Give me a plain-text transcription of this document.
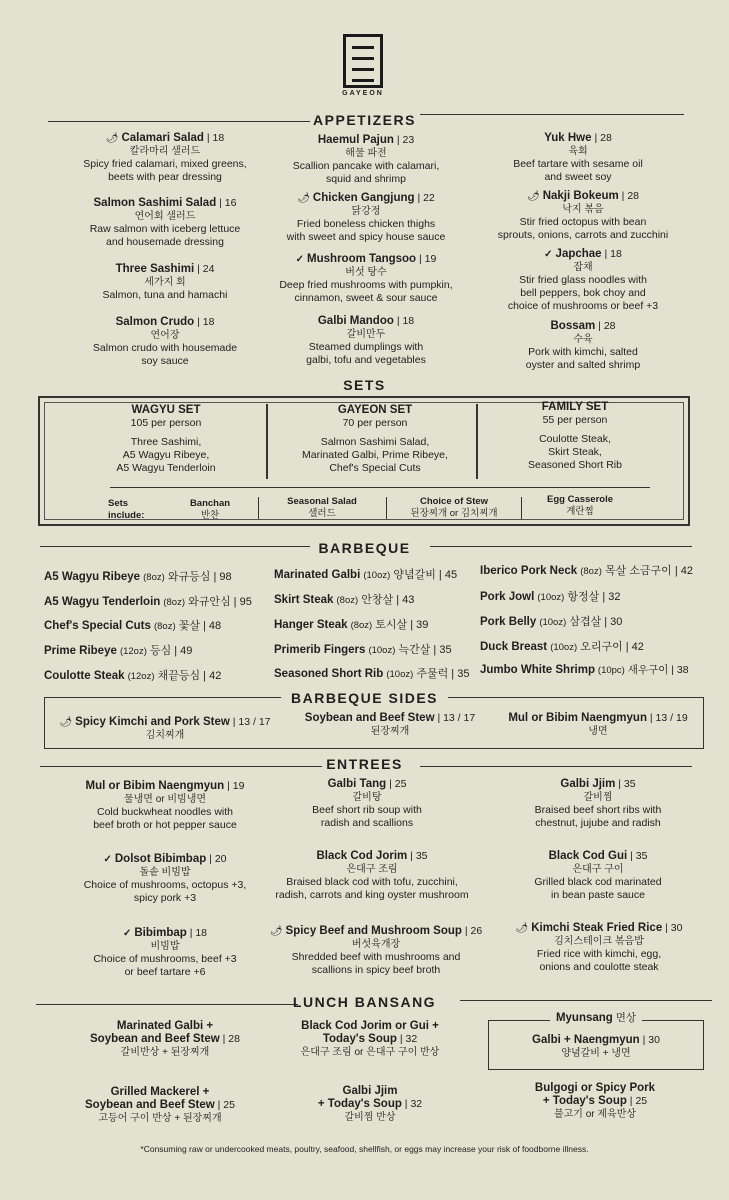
GAYEON
APPETIZERS
🌶 Calamari Salad | 18
칼라마리 샐러드
Spicy fried calamari, mixed greens,
beets with pear dressing
Salmon Sashimi Salad | 16
연어회 샐러드
Raw salmon with iceberg lettuce
and housemade dressing
Three Sashimi | 24
세가지 회
Salmon, tuna and hamachi
Salmon Crudo | 18
연어장
Salmon crudo with housemade
soy sauce
Haemul Pajun | 23
해물 파전
Scallion pancake with calamari,
squid and shrimp
🌶 Chicken Gangjung | 22
닭강정
Fried boneless chicken thighs
with sweet and spicy house sauce
✓ Mushroom Tangsoo | 19
버섯 탕수
Deep fried mushrooms with pumpkin,
cinnamon, sweet & sour sauce
Galbi Mandoo | 18
갈비만두
Steamed dumplings with
galbi, tofu and vegetables
Yuk Hwe | 28
육회
Beef tartare with sesame oil
and sweet soy
🌶 Nakji Bokeum | 28
낙지 볶음
Stir fried octopus with bean
sprouts, onions, carrots and zucchini
✓ Japchae | 18
잡채
Stir fried glass noodles with
bell peppers, bok choy and
choice of mushrooms or beef +3
Bossam | 28
수육
Pork with kimchi, salted
oyster and salted shrimp
SETS
WAGYU SET
105 per person
Three Sashimi,
A5 Wagyu Ribeye,
A5 Wagyu Tenderloin
GAYEON SET
70 per person
Salmon Sashimi Salad,
Marinated Galbi, Prime Ribeye,
Chef's Special Cuts
FAMILY SET
55 per person
Coulotte Steak,
Skirt Steak,
Seasoned Short Rib
Sets
include:
Banchan
반찬
Seasonal Salad
샐러드
Choice of Stew
된장찌개 or 김치찌개
Egg Casserole
계란찜
BARBEQUE
A5 Wagyu Ribeye (8oz) 와규등심 | 98
A5 Wagyu Tenderloin (8oz) 와규안심 | 95
Chef's Special Cuts (8oz) 꽃살 | 48
Prime Ribeye (12oz) 등심 | 49
Coulotte Steak (12oz) 채끝등심 | 42
Marinated Galbi (10oz) 양념갈비 | 45
Skirt Steak (8oz) 안창살 | 43
Hanger Steak (8oz) 토시살 | 39
Primerib Fingers (10oz) 늑간살 | 35
Seasoned Short Rib (10oz) 주물럭 | 35
Iberico Pork Neck (8oz) 목살 소금구이 | 42
Pork Jowl (10oz) 항정살 | 32
Pork Belly (10oz) 삼겹살 | 30
Duck Breast (10oz) 오리구이 | 42
Jumbo White Shrimp (10pc) 새우구이 | 38
BARBEQUE SIDES
🌶 Spicy Kimchi and Pork Stew | 13 / 17
김치찌개
Soybean and Beef Stew | 13 / 17
된장찌개
Mul or Bibim Naengmyun | 13 / 19
냉면
ENTREES
Mul or Bibim Naengmyun | 19
물냉면 or 비빔냉면
Cold buckwheat noodles with
beef broth or hot pepper sauce
✓ Dolsot Bibimbap | 20
돌솥 비빔밥
Choice of mushrooms, octopus +3,
spicy pork +3
✓ Bibimbap | 18
비빔밥
Choice of mushrooms, beef +3
or beef tartare +6
Galbi Tang | 25
갈비탕
Beef short rib soup with
radish and scallions
Black Cod Jorim | 35
은대구 조림
Braised black cod with tofu, zucchini,
radish, carrots and king oyster mushroom
🌶 Spicy Beef and Mushroom Soup | 26
버섯육개장
Shredded beef with mushrooms and
scallions in spicy beef broth
Galbi Jjim | 35
갈비찜
Braised beef short ribs with
chestnut, jujube and radish
Black Cod Gui | 35
은대구 구이
Grilled black cod marinated
in bean paste sauce
🌶 Kimchi Steak Fried Rice | 30
김치스테이크 볶음밥
Fried rice with kimchi, egg,
onions and coulotte steak
LUNCH BANSANG
Marinated Galbi +
Soybean and Beef Stew | 28
갈비반상 + 된장찌개
Grilled Mackerel +
Soybean and Beef Stew | 25
고등어 구이 반상 + 된장찌개
Black Cod Jorim or Gui +
Today's Soup | 32
은대구 조림 or 은대구 구이 반상
Galbi Jjim
+ Today's Soup | 32
갈비찜 반상
Bulgogi or Spicy Pork
+ Today's Soup | 25
불고기 or 제육반상
Myunsang 면상
Galbi + Naengmyun | 30
양념갈비 + 냉면
*Consuming raw or undercooked meats, poultry, seafood, shellfish, or eggs may increase your risk of foodborne illness.
